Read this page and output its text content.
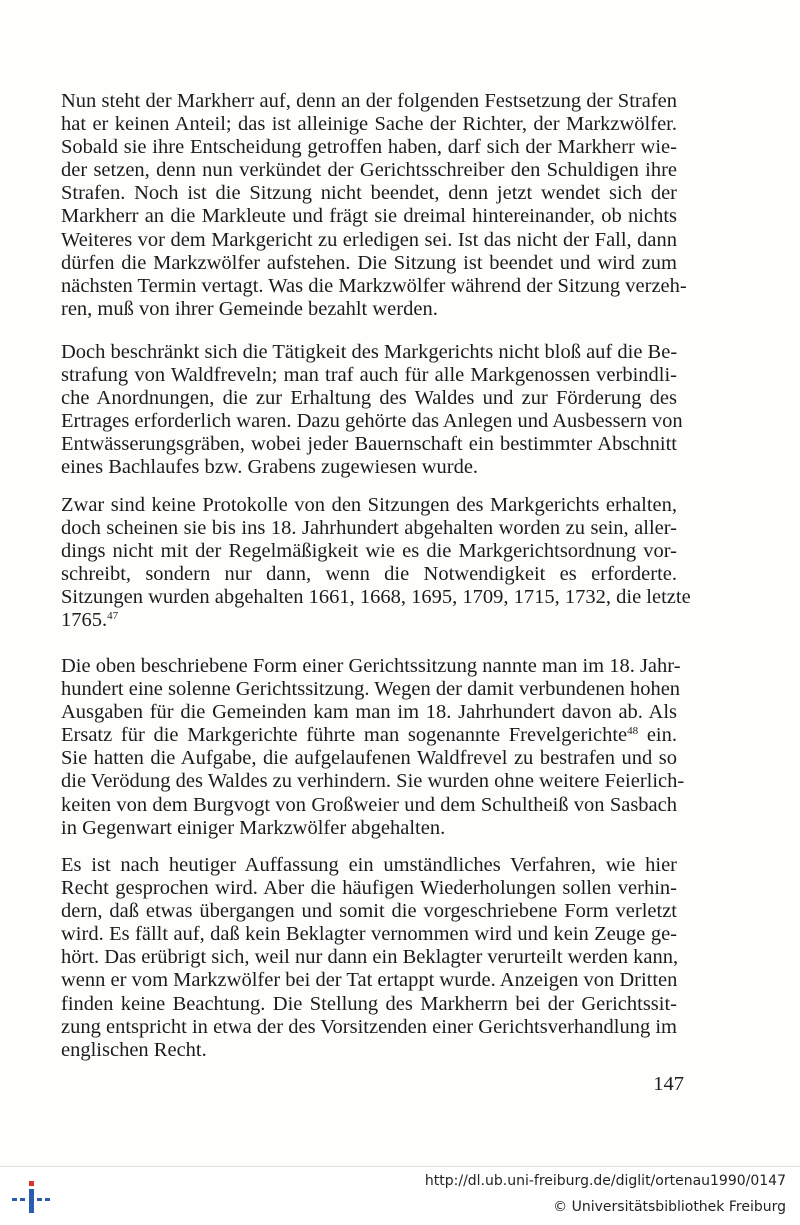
Nun steht der Markherr auf, denn an der folgenden Festsetzung der Strafen
hat er keinen Anteil; das ist alleinige Sache der Richter, der Markzwölfer.
Sobald sie ihre Entscheidung getroffen haben, darf sich der Markherr wie-
der setzen, denn nun verkündet der Gerichtsschreiber den Schuldigen ihre
Strafen. Noch ist die Sitzung nicht beendet, denn jetzt wendet sich der
Markherr an die Markleute und frägt sie dreimal hintereinander, ob nichts
Weiteres vor dem Markgericht zu erledigen sei. Ist das nicht der Fall, dann
dürfen die Markzwölfer aufstehen. Die Sitzung ist beendet und wird zum
nächsten Termin vertagt. Was die Markzwölfer während der Sitzung verzeh-
ren, muß von ihrer Gemeinde bezahlt werden.
Doch beschränkt sich die Tätigkeit des Markgerichts nicht bloß auf die Be-
strafung von Waldfreveln; man traf auch für alle Markgenossen verbindli-
che Anordnungen, die zur Erhaltung des Waldes und zur Förderung des
Ertrages erforderlich waren. Dazu gehörte das Anlegen und Ausbessern von
Entwässerungsgräben, wobei jeder Bauernschaft ein bestimmter Abschnitt
eines Bachlaufes bzw. Grabens zugewiesen wurde.
Zwar sind keine Protokolle von den Sitzungen des Markgerichts erhalten,
doch scheinen sie bis ins 18. Jahrhundert abgehalten worden zu sein, aller-
dings nicht mit der Regelmäßigkeit wie es die Markgerichtsordnung vor-
schreibt, sondern nur dann, wenn die Notwendigkeit es erforderte.
Sitzungen wurden abgehalten 1661, 1668, 1695, 1709, 1715, 1732, die letzte
1765.47
Die oben beschriebene Form einer Gerichtssitzung nannte man im 18. Jahr-
hundert eine solenne Gerichtssitzung. Wegen der damit verbundenen hohen
Ausgaben für die Gemeinden kam man im 18. Jahrhundert davon ab. Als
Ersatz für die Markgerichte führte man sogenannte Frevelgerichte$^{48}$ ein.
Sie hatten die Aufgabe, die aufgelaufenen Waldfrevel zu bestrafen und so
die Verödung des Waldes zu verhindern. Sie wurden ohne weitere Feierlich-
keiten von dem Burgvogt von Großweier und dem Schultheiß von Sasbach
in Gegenwart einiger Markzwölfer abgehalten.
Es ist nach heutiger Auffassung ein umständliches Verfahren, wie hier
Recht gesprochen wird. Aber die häufigen Wiederholungen sollen verhin-
dern, daß etwas übergangen und somit die vorgeschriebene Form verletzt
wird. Es fällt auf, daß kein Beklagter vernommen wird und kein Zeuge ge-
hört. Das erübrigt sich, weil nur dann ein Beklagter verurteilt werden kann,
wenn er vom Markzwölfer bei der Tat ertappt wurde. Anzeigen von Dritten
finden keine Beachtung. Die Stellung des Markherrn bei der Gerichtssit-
zung entspricht in etwa der des Vorsitzenden einer Gerichtsverhandlung im
englischen Recht.
147
http://dl.ub.uni-freiburg.de/diglit/ortenau1990/0147
© Universitätsbibliothek Freiburg
